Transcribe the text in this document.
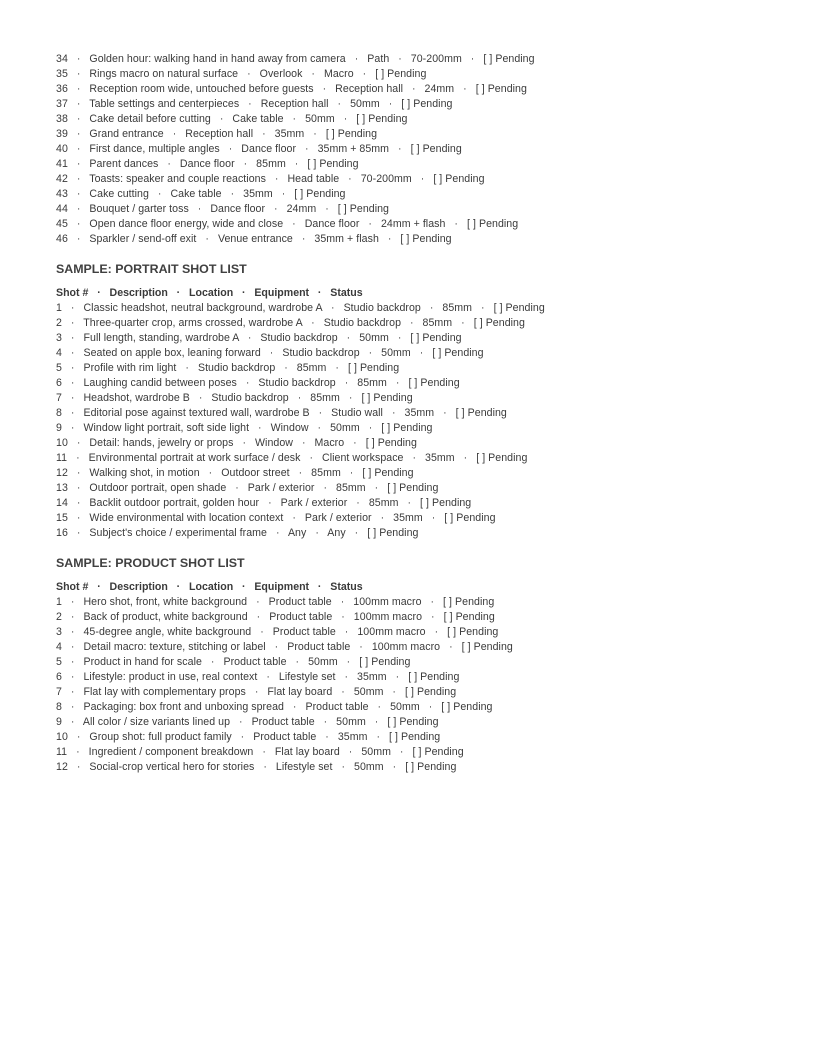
34   ·   Golden hour: walking hand in hand away from camera   ·   Path   ·   70-200mm   ·   [ ] Pending
35   ·   Rings macro on natural surface   ·   Overlook   ·   Macro   ·   [ ] Pending
36   ·   Reception room wide, untouched before guests   ·   Reception hall   ·   24mm   ·   [ ] Pending
37   ·   Table settings and centerpieces   ·   Reception hall   ·   50mm   ·   [ ] Pending
38   ·   Cake detail before cutting   ·   Cake table   ·   50mm   ·   [ ] Pending
39   ·   Grand entrance   ·   Reception hall   ·   35mm   ·   [ ] Pending
40   ·   First dance, multiple angles   ·   Dance floor   ·   35mm + 85mm   ·   [ ] Pending
41   ·   Parent dances   ·   Dance floor   ·   85mm   ·   [ ] Pending
42   ·   Toasts: speaker and couple reactions   ·   Head table   ·   70-200mm   ·   [ ] Pending
43   ·   Cake cutting   ·   Cake table   ·   35mm   ·   [ ] Pending
44   ·   Bouquet / garter toss   ·   Dance floor   ·   24mm   ·   [ ] Pending
45   ·   Open dance floor energy, wide and close   ·   Dance floor   ·   24mm + flash   ·   [ ] Pending
46   ·   Sparkler / send-off exit   ·   Venue entrance   ·   35mm + flash   ·   [ ] Pending
SAMPLE: PORTRAIT SHOT LIST
Shot #   ·   Description   ·   Location   ·   Equipment   ·   Status
1   ·   Classic headshot, neutral background, wardrobe A   ·   Studio backdrop   ·   85mm   ·   [ ] Pending
2   ·   Three-quarter crop, arms crossed, wardrobe A   ·   Studio backdrop   ·   85mm   ·   [ ] Pending
3   ·   Full length, standing, wardrobe A   ·   Studio backdrop   ·   50mm   ·   [ ] Pending
4   ·   Seated on apple box, leaning forward   ·   Studio backdrop   ·   50mm   ·   [ ] Pending
5   ·   Profile with rim light   ·   Studio backdrop   ·   85mm   ·   [ ] Pending
6   ·   Laughing candid between poses   ·   Studio backdrop   ·   85mm   ·   [ ] Pending
7   ·   Headshot, wardrobe B   ·   Studio backdrop   ·   85mm   ·   [ ] Pending
8   ·   Editorial pose against textured wall, wardrobe B   ·   Studio wall   ·   35mm   ·   [ ] Pending
9   ·   Window light portrait, soft side light   ·   Window   ·   50mm   ·   [ ] Pending
10   ·   Detail: hands, jewelry or props   ·   Window   ·   Macro   ·   [ ] Pending
11   ·   Environmental portrait at work surface / desk   ·   Client workspace   ·   35mm   ·   [ ] Pending
12   ·   Walking shot, in motion   ·   Outdoor street   ·   85mm   ·   [ ] Pending
13   ·   Outdoor portrait, open shade   ·   Park / exterior   ·   85mm   ·   [ ] Pending
14   ·   Backlit outdoor portrait, golden hour   ·   Park / exterior   ·   85mm   ·   [ ] Pending
15   ·   Wide environmental with location context   ·   Park / exterior   ·   35mm   ·   [ ] Pending
16   ·   Subject's choice / experimental frame   ·   Any   ·   Any   ·   [ ] Pending
SAMPLE: PRODUCT SHOT LIST
Shot #   ·   Description   ·   Location   ·   Equipment   ·   Status
1   ·   Hero shot, front, white background   ·   Product table   ·   100mm macro   ·   [ ] Pending
2   ·   Back of product, white background   ·   Product table   ·   100mm macro   ·   [ ] Pending
3   ·   45-degree angle, white background   ·   Product table   ·   100mm macro   ·   [ ] Pending
4   ·   Detail macro: texture, stitching or label   ·   Product table   ·   100mm macro   ·   [ ] Pending
5   ·   Product in hand for scale   ·   Product table   ·   50mm   ·   [ ] Pending
6   ·   Lifestyle: product in use, real context   ·   Lifestyle set   ·   35mm   ·   [ ] Pending
7   ·   Flat lay with complementary props   ·   Flat lay board   ·   50mm   ·   [ ] Pending
8   ·   Packaging: box front and unboxing spread   ·   Product table   ·   50mm   ·   [ ] Pending
9   ·   All color / size variants lined up   ·   Product table   ·   50mm   ·   [ ] Pending
10   ·   Group shot: full product family   ·   Product table   ·   35mm   ·   [ ] Pending
11   ·   Ingredient / component breakdown   ·   Flat lay board   ·   50mm   ·   [ ] Pending
12   ·   Social-crop vertical hero for stories   ·   Lifestyle set   ·   50mm   ·   [ ] Pending
